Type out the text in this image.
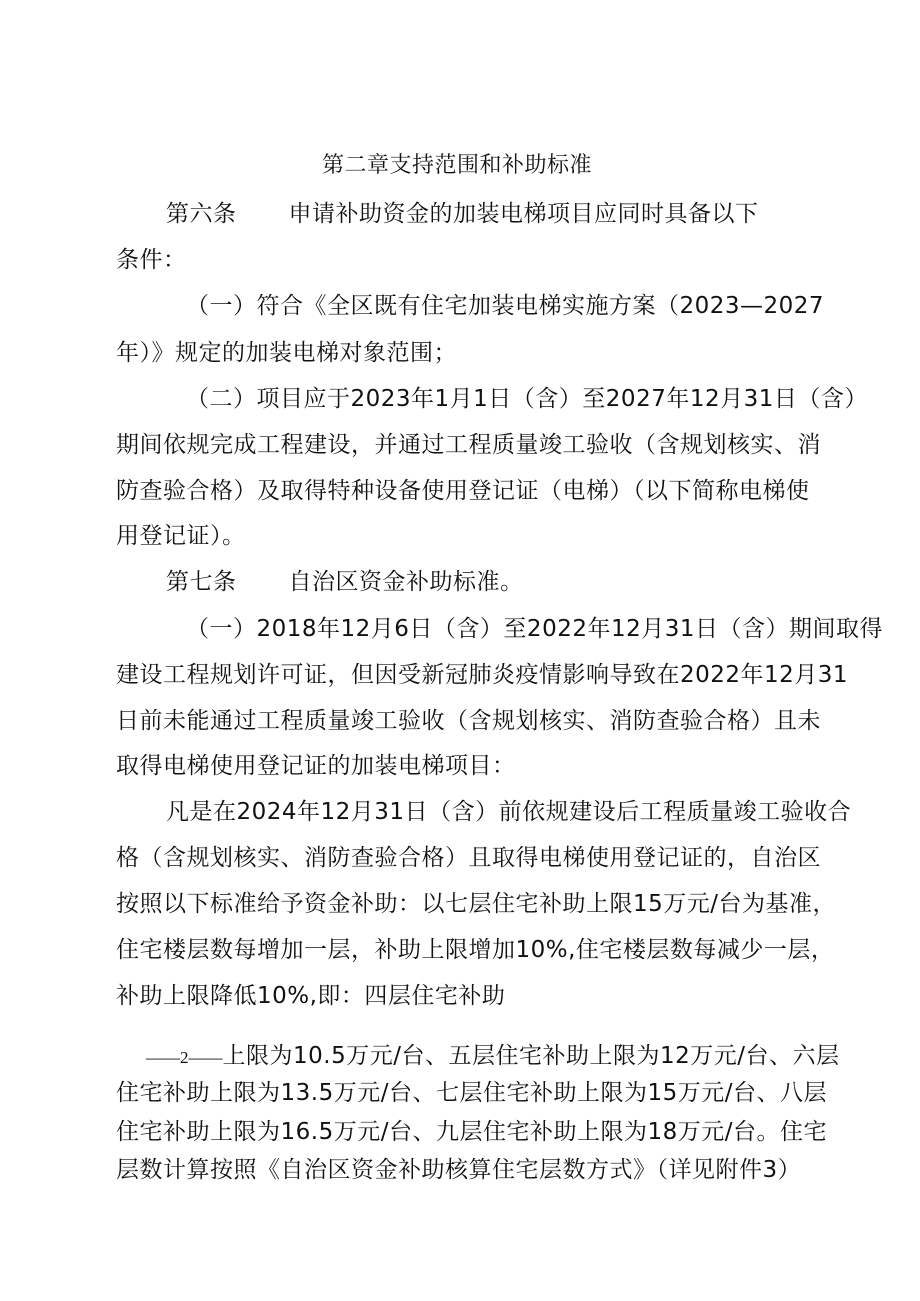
第二章支持范围和补助标准
第六条 申请补助资金的加装电梯项目应同时具备以下
条件：
（一）符合《全区既有住宅加装电梯实施方案（2023—2027
年）》规定的加装电梯对象范围；
（二）项目应于2023年1月1日（含）至2027年12月31日（含）
期间依规完成工程建设，并通过工程质量竣工验收（含规划核实、消
防查验合格）及取得特种设备使用登记证（电梯）（以下简称电梯使
用登记证）。
第七条 自治区资金补助标准。
（一）2018年12月6日（含）至2022年12月31日（含）期间取得
建设工程规划许可证，但因受新冠肺炎疫情影响导致在2022年12月31
日前未能通过工程质量竣工验收（含规划核实、消防查验合格）且未
取得电梯使用登记证的加装电梯项目：
凡是在2024年12月31日（含）前依规建设后工程质量竣工验收合
格（含规划核实、消防查验合格）且取得电梯使用登记证的，自治区
按照以下标准给予资金补助：以七层住宅补助上限15万元/台为基准，
住宅楼层数每增加一层，补助上限增加10%,住宅楼层数每减少一层，
补助上限降低10%,即：四层住宅补助
——2——上限为10.5万元/台、五层住宅补助上限为12万元/台、六层
住宅补助上限为13.5万元/台、七层住宅补助上限为15万元/台、八层
住宅补助上限为16.5万元/台、九层住宅补助上限为18万元/台。住宅
层数计算按照《自治区资金补助核算住宅层数方式》（详见附件3）
